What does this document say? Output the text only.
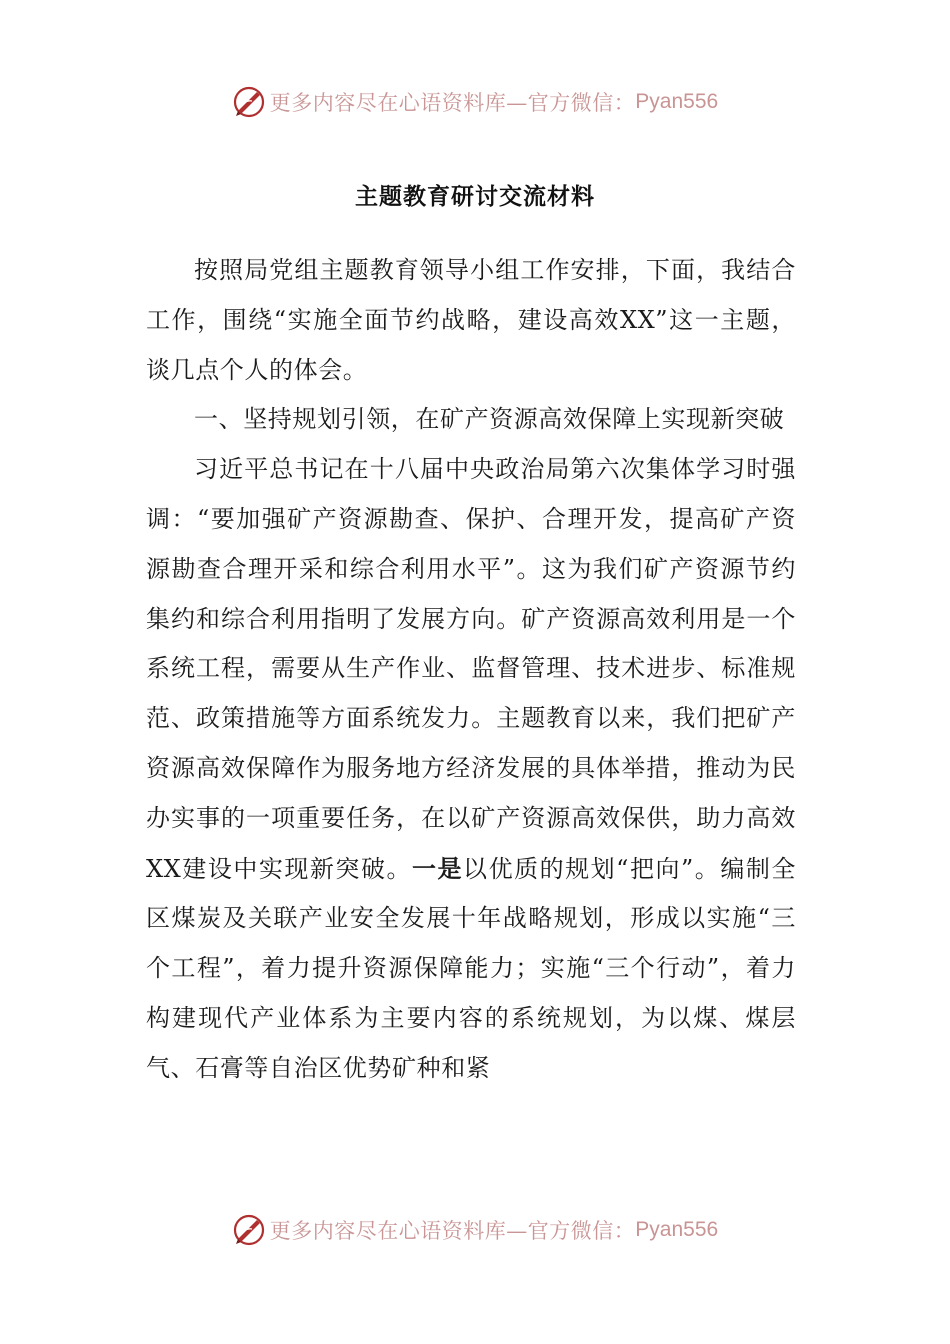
更多内容尽在心语资料库—官方微信： Pyan556
主题教育研讨交流材料

按照局党组主题教育领导小组工作安排，下面，我结合工作，围绕“实施全面节约战略，建设高效XX”这一主题，谈几点个人的体会。

一、坚持规划引领，在矿产资源高效保障上实现新突破

习近平总书记在十八届中央政治局第六次集体学习时强调：“要加强矿产资源勘查、保护、合理开发，提高矿产资源勘查合理开采和综合利用水平”。这为我们矿产资源节约集约和综合利用指明了发展方向。矿产资源高效利用是一个系统工程，需要从生产作业、监督管理、技术进步、标准规范、政策措施等方面系统发力。主题教育以来，我们把矿产资源高效保障作为服务地方经济发展的具体举措，推动为民办实事的一项重要任务，在以矿产资源高效保供，助力高效XX建设中实现新突破。一是以优质的规划“把向”。编制全区煤炭及关联产业安全发展十年战略规划，形成以实施“三个工程”，着力提升资源保障能力；实施“三个行动”，着力构建现代产业体系为主要内容的系统规划，为以煤、煤层气、石膏等自治区优势矿种和紧

更多内容尽在心语资料库—官方微信： Pyan556
